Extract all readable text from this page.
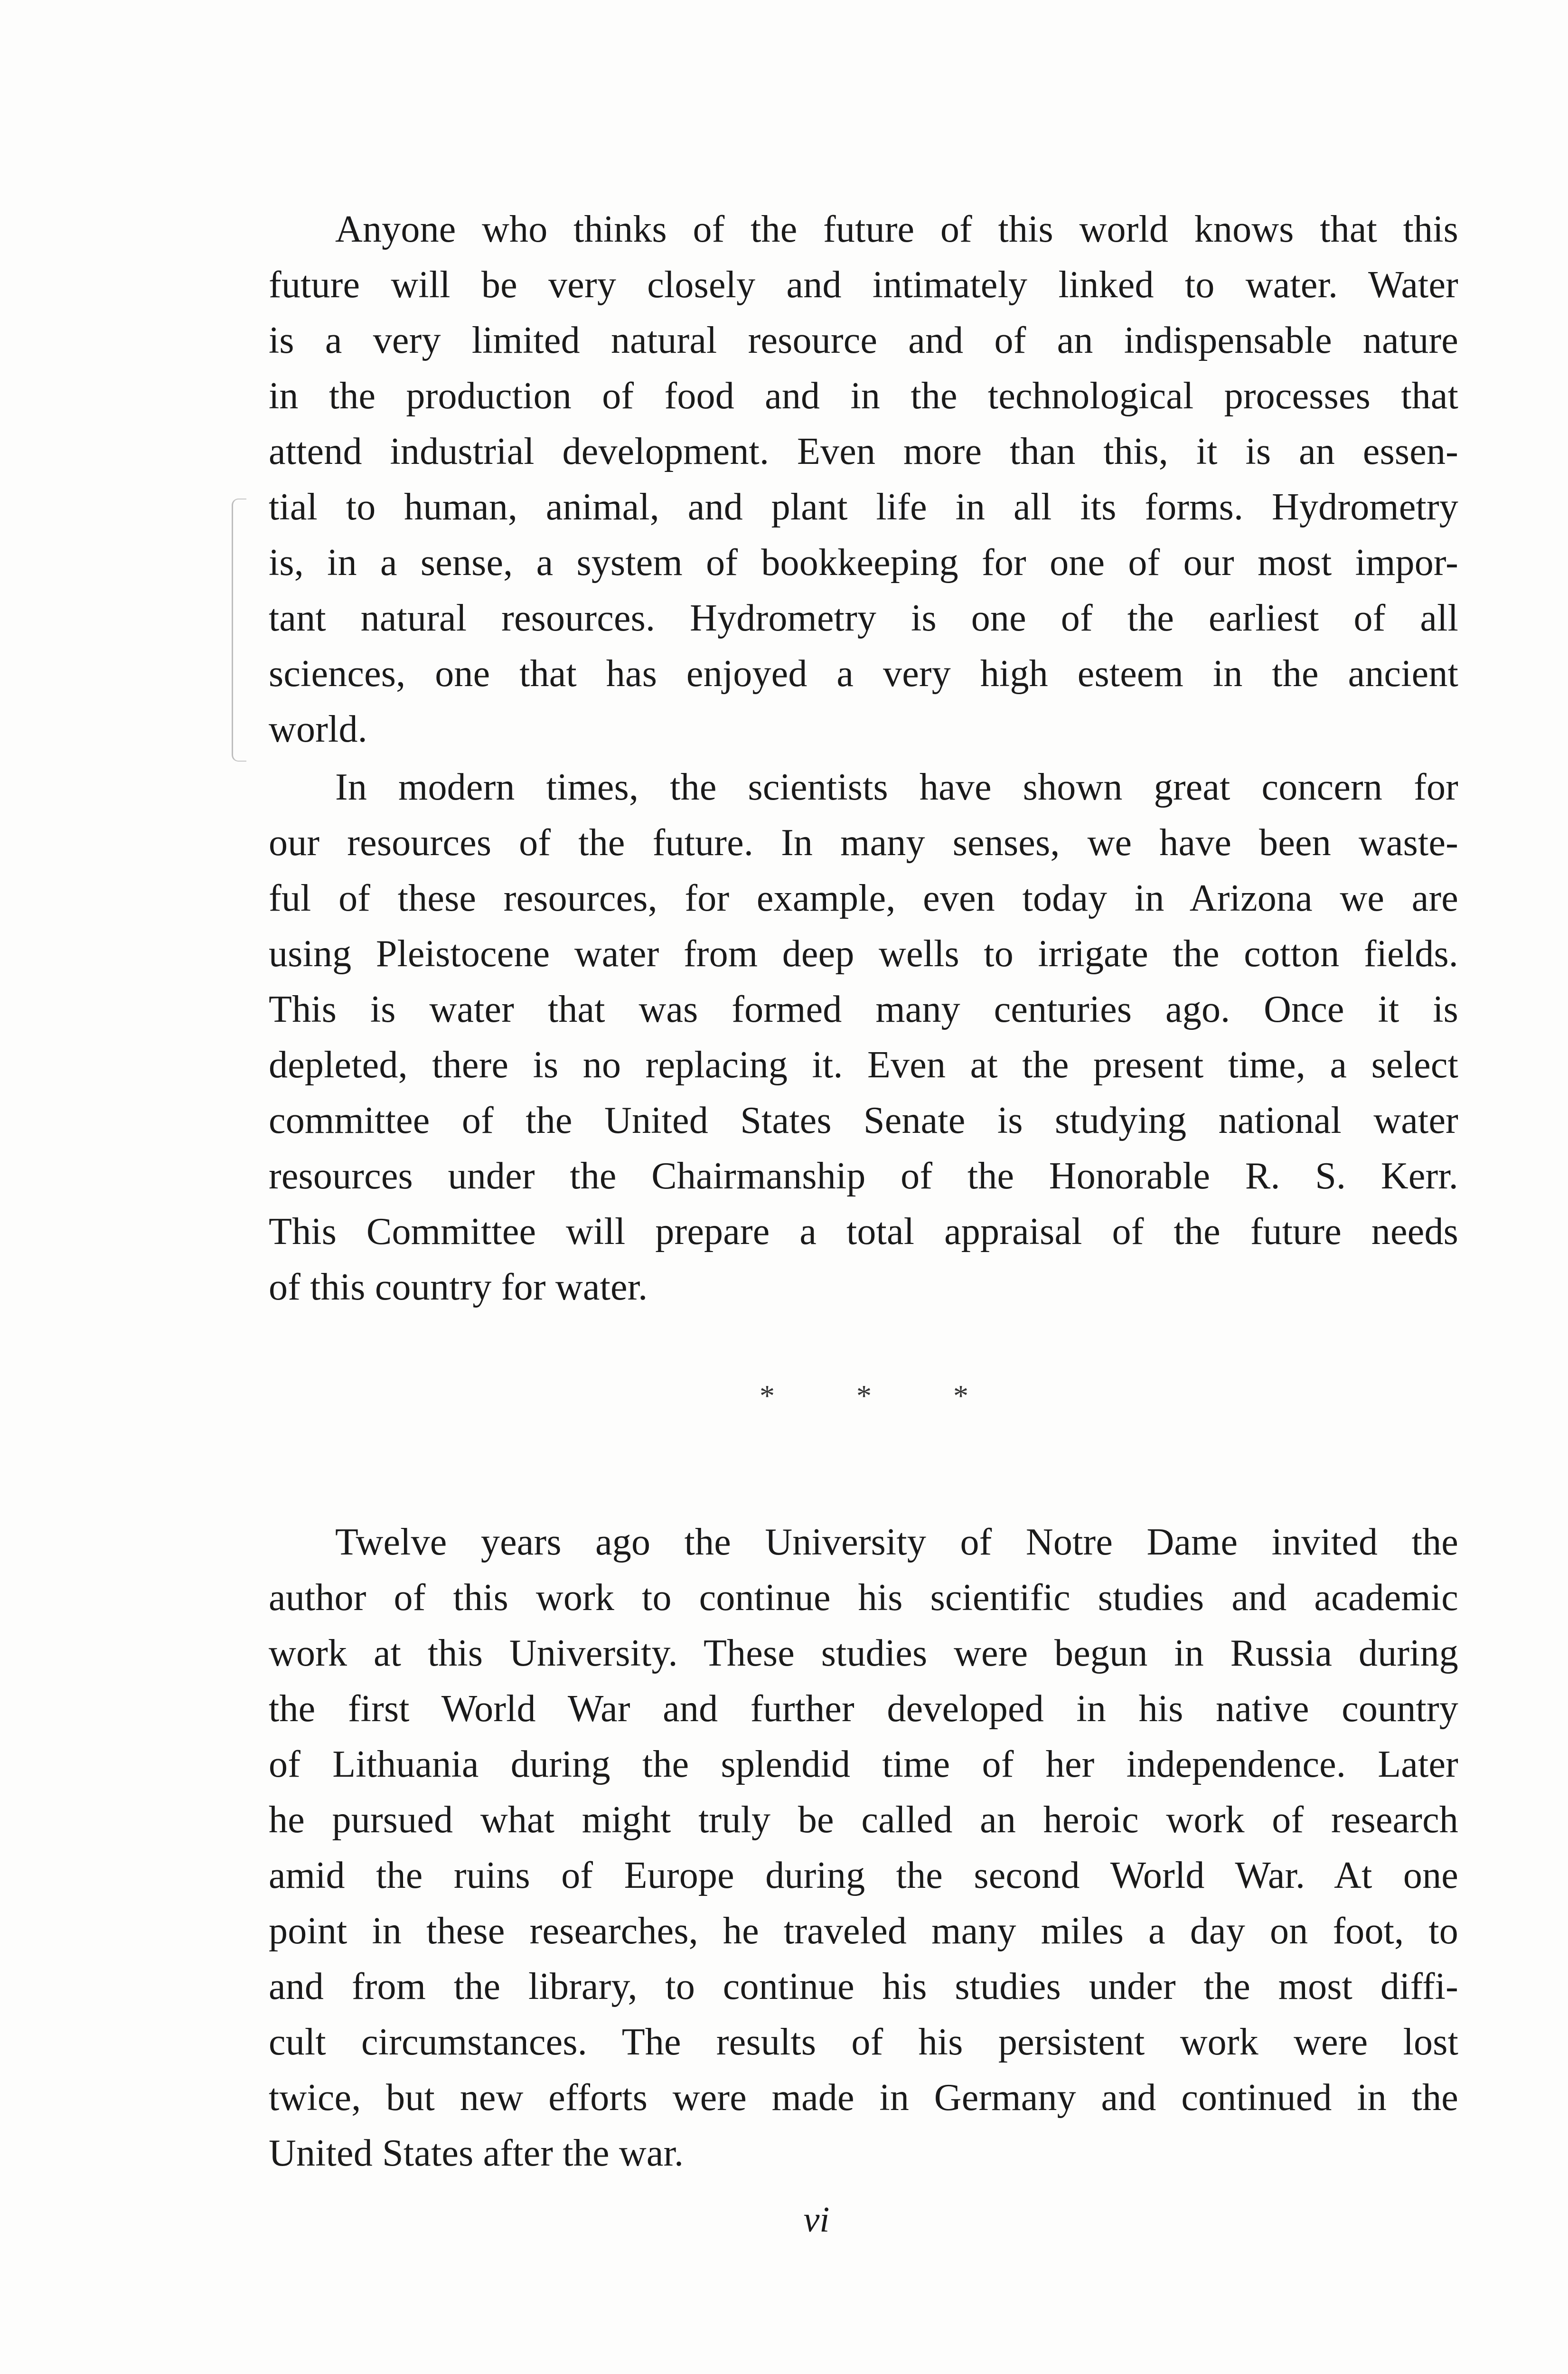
Anyone who thinks of the future of this world knows that this
future will be very closely and intimately linked to water. Water
is a very limited natural resource and of an indispensable nature
in the production of food and in the technological processes that
attend industrial development. Even more than this, it is an essen-
tial to human, animal, and plant life in all its forms. Hydrometry
is, in a sense, a system of bookkeeping for one of our most impor-
tant natural resources. Hydrometry is one of the earliest of all
sciences, one that has enjoyed a very high esteem in the ancient
world.
In modern times, the scientists have shown great concern for
our resources of the future. In many senses, we have been waste-
ful of these resources, for example, even today in Arizona we are
using Pleistocene water from deep wells to irrigate the cotton fields.
This is water that was formed many centuries ago. Once it is
depleted, there is no replacing it. Even at the present time, a select
committee of the United States Senate is studying national water
resources under the Chairmanship of the Honorable R. S. Kerr.
This Committee will prepare a total appraisal of the future needs
of this country for water.
*	*	*
Twelve years ago the University of Notre Dame invited the
author of this work to continue his scientific studies and academic
work at this University. These studies were begun in Russia during
the first World War and further developed in his native country
of Lithuania during the splendid time of her independence. Later
he pursued what might truly be called an heroic work of research
amid the ruins of Europe during the second World War. At one
point in these researches, he traveled many miles a day on foot, to
and from the library, to continue his studies under the most diffi-
cult circumstances. The results of his persistent work were lost
twice, but new efforts were made in Germany and continued in the
United States after the war.
vi
